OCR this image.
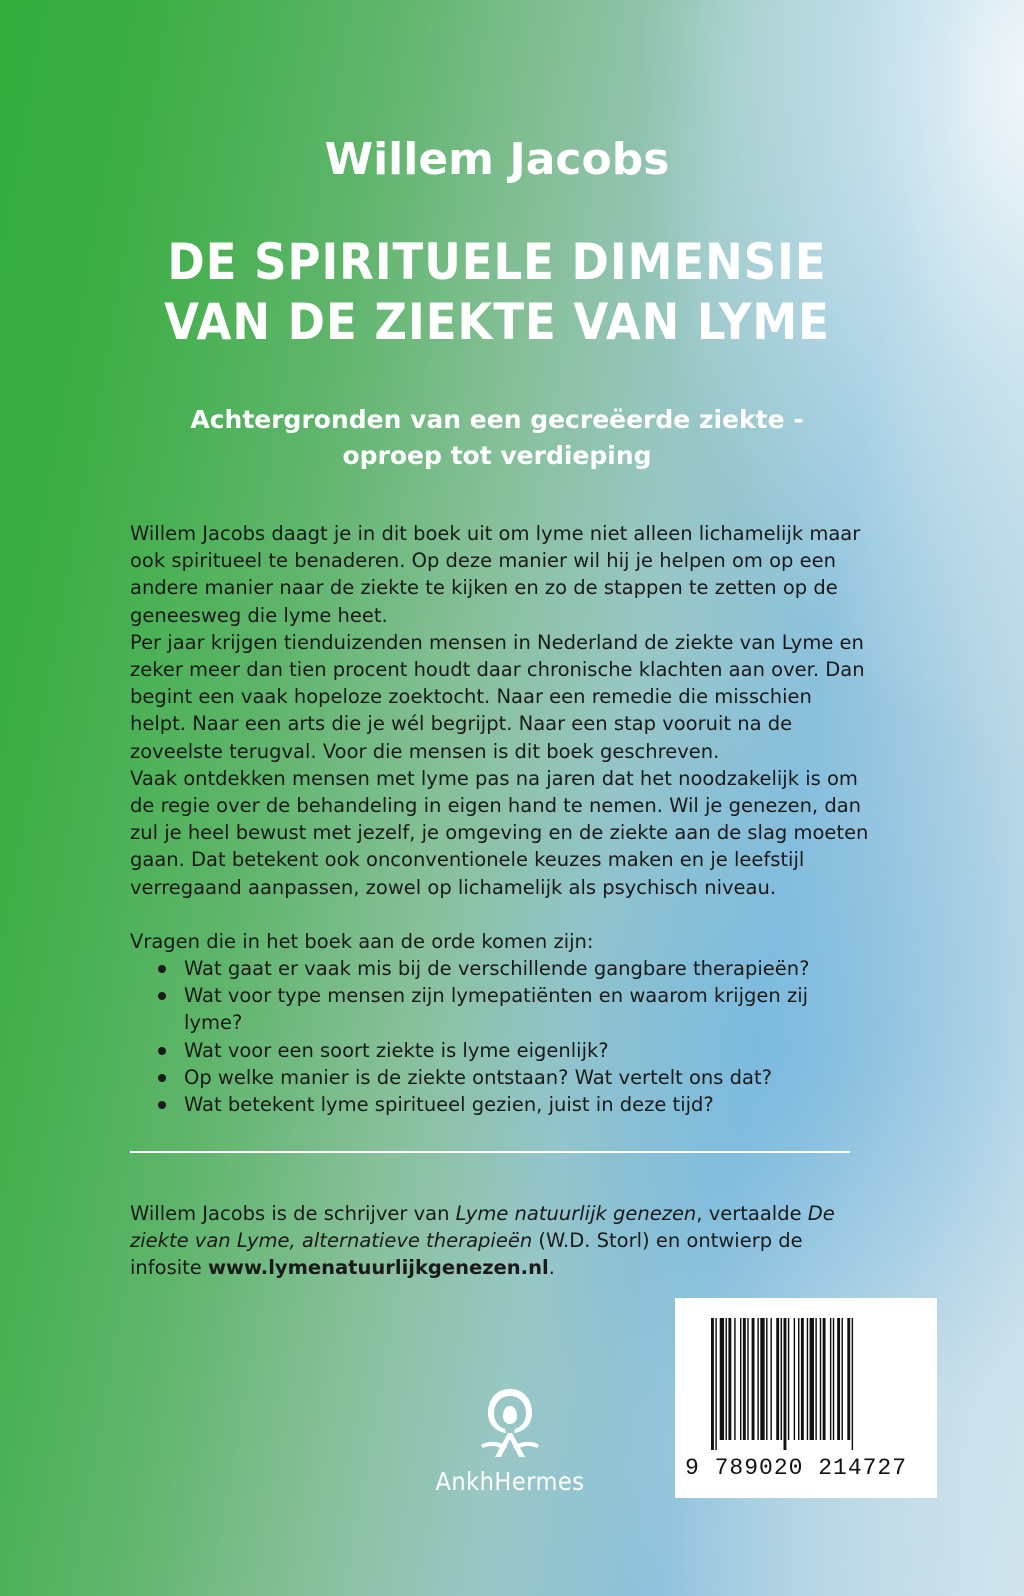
Willem Jacobs
DE SPIRITUELE DIMENSIE
VAN DE ZIEKTE VAN LYME
Achtergronden van een gecreëerde ziekte -
oproep tot verdieping

Willem Jacobs daagt je in dit boek uit om lyme niet alleen lichamelijk maar ook spiritueel te benaderen. Op deze manier wil hij je helpen om op een andere manier naar de ziekte te kijken en zo de stappen te zetten op de geneesweg die lyme heet.

Per jaar krijgen tienduizenden mensen in Nederland de ziekte van Lyme en zeker meer dan tien procent houdt daar chronische klachten aan over. Dan begint een vaak hopeloze zoektocht. Naar een remedie die misschien helpt. Naar een arts die je wél begrijpt. Naar een stap vooruit na de zoveelste terugval. Voor die mensen is dit boek geschreven.

Vaak ontdekken mensen met lyme pas na jaren dat het noodzakelijk is om de regie over de behandeling in eigen hand te nemen. Wil je genezen, dan zul je heel bewust met jezelf, je omgeving en de ziekte aan de slag moeten gaan. Dat betekent ook onconventionele keuzes maken en je leefstijl verregaand aanpassen, zowel op lichamelijk als psychisch niveau.

Vragen die in het boek aan de orde komen zijn:

Wat gaat er vaak mis bij de verschillende gangbare therapieën?
Wat voor type mensen zijn lymepatiënten en waarom krijgen zij lyme?
Wat voor een soort ziekte is lyme eigenlijk?
Op welke manier is de ziekte ontstaan? Wat vertelt ons dat?
Wat betekent lyme spiritueel gezien, juist in deze tijd?

Willem Jacobs is de schrijver van Lyme natuurlijk genezen, vertaalde De ziekte van Lyme, alternatieve therapieën (W.D. Storl) en ontwierp de infosite www.lymenatuurlijkgenezen.nl.

AnkhHermes	9 789020 214727
